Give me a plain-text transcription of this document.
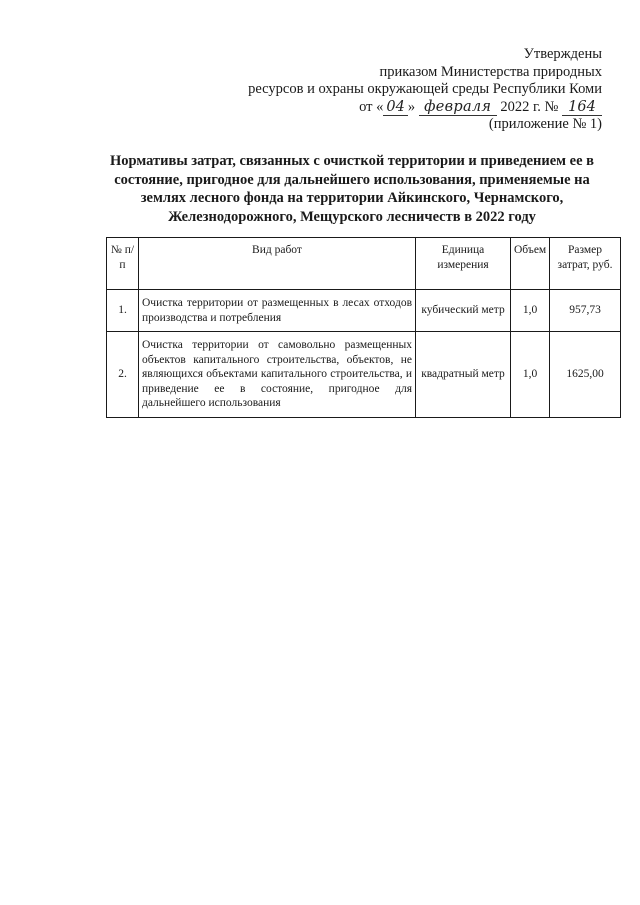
Утверждены
приказом Министерства природных
ресурсов и охраны окружающей среды Республики Коми
от « 04 » февраля 2022 г. № 164
(приложение № 1)
Нормативы затрат, связанных с очисткой территории и приведением ее в состояние, пригодное для дальнейшего использования, применяемые на землях лесного фонда на территории Айкинского, Чернамского, Железнодорожного, Мещурского лесничеств в 2022 году
№ п/п	Вид работ	Единица измерения	Объем	Размер затрат, руб.
1.	Очистка территории от размещенных в лесах отходов производства и потребления	кубический метр	1,0	957,73
2.	Очистка территории от самовольно размещенных объектов капитального строительства, объектов, не являющихся объектами капитального строительства, и приведение ее в состояние, пригодное для дальнейшего использования	квадратный метр	1,0	1625,00
